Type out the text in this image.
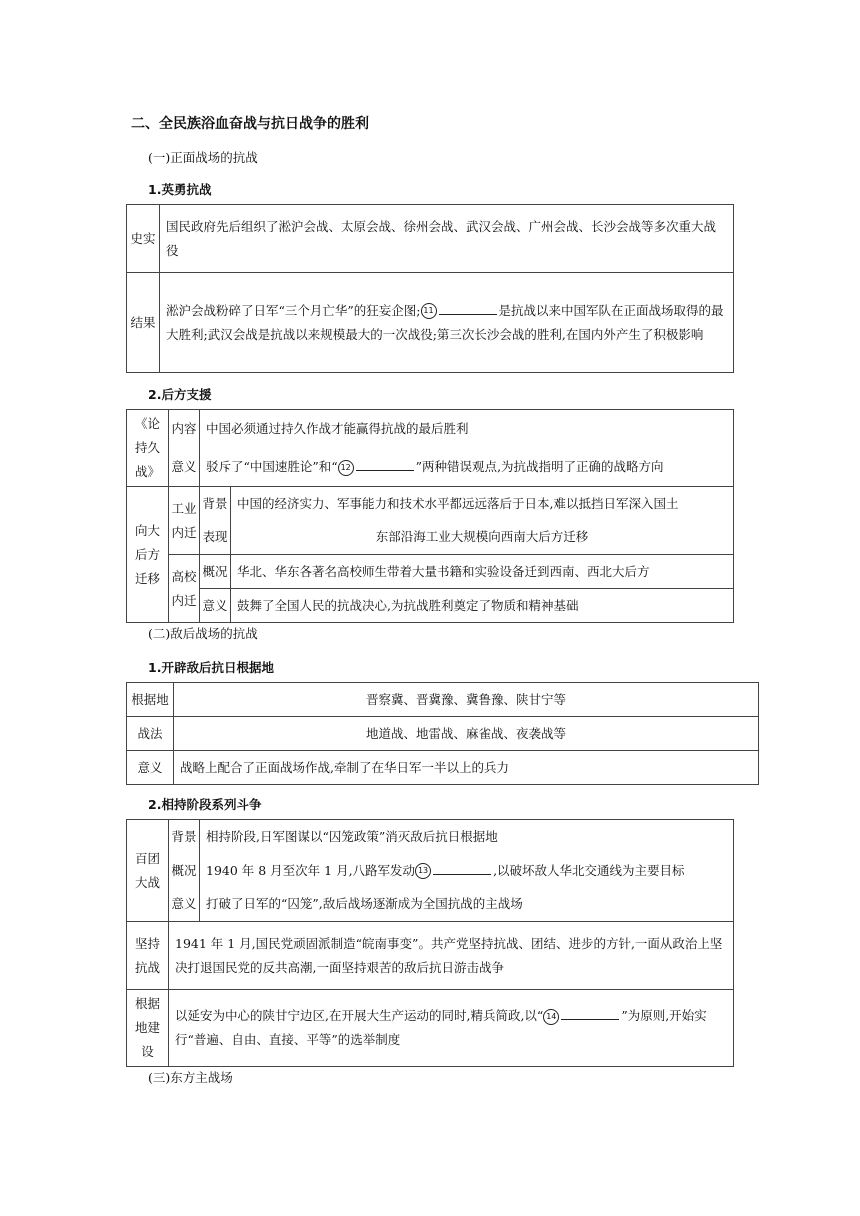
二、全民族浴血奋战与抗日战争的胜利
(一)正面战场的抗战
1.英勇抗战
史实	国民政府先后组织了淞沪会战、太原会战、徐州会战、武汉会战、广州会战、长沙会战等多次重大战役
结果	淞沪会战粉碎了日军“三个月亡华”的狂妄企图; 11 是抗战以来中国军队在正面战场取得的最大胜利;武汉会战是抗战以来规模最大的一次战役;第三次长沙会战的胜利,在国内外产生了积极影响
2.后方支援
《论持久战》	内容	中国必须通过持久作战才能赢得抗战的最后胜利	
	意义	驳斥了“中国速胜论”和“ 12 ”两种错误观点,为抗战指明了正确的战略方向	
向大后方迁移	工业内迁	背景	中国的经济实力、军事能力和技术水平都远远落后于日本,难以抵挡日军深入国土
		表现	东部沿海工业大规模向西南大后方迁移
	高校内迁	概况	华北、华东各著名高校师生带着大量书籍和实验设备迁到西南、西北大后方
		意义	鼓舞了全国人民的抗战决心,为抗战胜利奠定了物质和精神基础
(二)敌后战场的抗战
1.开辟敌后抗日根据地
根据地	晋察冀、晋冀豫、冀鲁豫、陕甘宁等
战法	地道战、地雷战、麻雀战、夜袭战等
意义	战略上配合了正面战场作战,牵制了在华日军一半以上的兵力
2.相持阶段系列斗争
百团大战	背景	相持阶段,日军图谋以“囚笼政策”消灭敌后抗日根据地
	概况	1940 年 8 月至次年 1 月,八路军发动 13 ,以破坏敌人华北交通线为主要目标
	意义	打破了日军的“囚笼”,敌后战场逐渐成为全国抗战的主战场
坚持抗战	1941 年 1 月,国民党顽固派制造“皖南事变”。共产党坚持抗战、团结、进步的方针,一面从政治上坚决打退国民党的反共高潮,一面坚持艰苦的敌后抗日游击战争	
根据地建设	以延安为中心的陕甘宁边区,在开展大生产运动的同时,精兵简政,以“ 14 ”为原则,开始实行“普遍、自由、直接、平等”的选举制度	
(三)东方主战场
